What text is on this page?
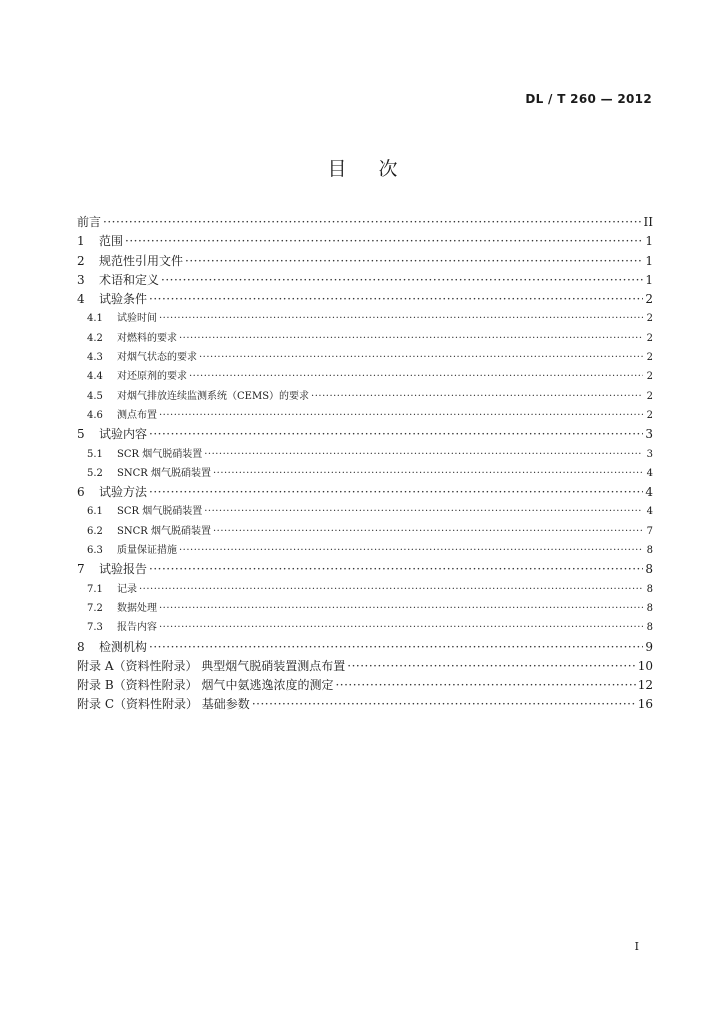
DL / T 260 — 2012
目次
前言 ·····	II
1	范围 ·····	1
2	规范性引用文件 ·····	1
3	术语和定义 ·····	1
4	试验条件 ·····	2
4.1	试验时间 ·····	2
4.2	对燃料的要求 ·····	2
4.3	对烟气状态的要求 ·····	2
4.4	对还原剂的要求 ·····	2
4.5	对烟气排放连续监测系统（CEMS）的要求 ·····	2
4.6	测点布置 ·····	2
5	试验内容 ·····	3
5.1	SCR 烟气脱硝装置 ·····	3
5.2	SNCR 烟气脱硝装置 ·····	4
6	试验方法 ·····	4
6.1	SCR 烟气脱硝装置 ·····	4
6.2	SNCR 烟气脱硝装置 ·····	7
6.3	质量保证措施 ·····	8
7	试验报告 ·····	8
7.1	记录 ·····	8
7.2	数据处理 ·····	8
7.3	报告内容 ·····	8
8	检测机构 ·····	9
附录 A（资料性附录） 典型烟气脱硝装置测点布置 ·····	10
附录 B（资料性附录） 烟气中氨逃逸浓度的测定 ·····	12
附录 C（资料性附录） 基础参数 ·····	16
I
